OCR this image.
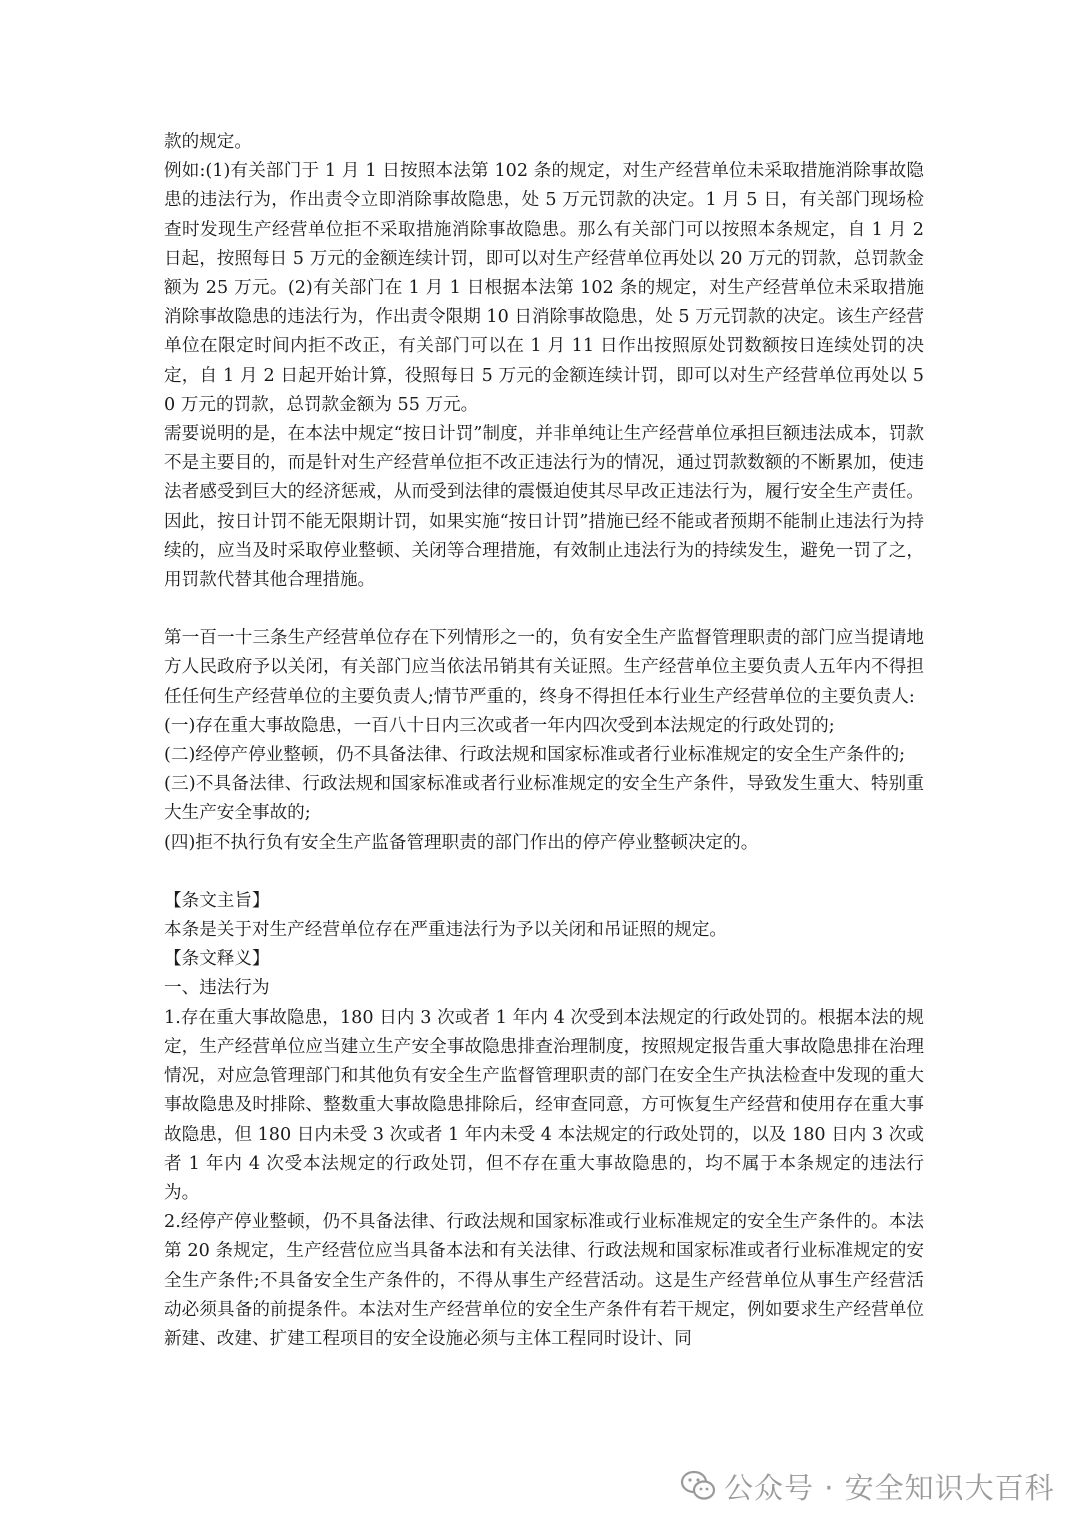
款的规定。

例如:(1)有关部门于 1 月 1 日按照本法第 102 条的规定，对生产经营单位未采取措施消除事故隐患的违法行为，作出责令立即消除事故隐患，处 5 万元罚款的决定。1 月 5 日，有关部门现场检查时发现生产经营单位拒不采取措施消除事故隐患。那么有关部门可以按照本条规定，自 1 月 2 日起，按照每日 5 万元的金额连续计罚，即可以对生产经营单位再处以 20 万元的罚款，总罚款金额为 25 万元。(2)有关部门在 1 月 1 日根据本法第 102 条的规定，对生产经营单位未采取措施消除事故隐患的违法行为，作出责令限期 10 日消除事故隐患，处 5 万元罚款的决定。该生产经营单位在限定时间内拒不改正，有关部门可以在 1 月 11 日作出按照原处罚数额按日连续处罚的决定，自 1 月 2 日起开始计算，役照每日 5 万元的金额连续计罚，即可以对生产经营单位再处以 50 万元的罚款，总罚款金额为 55 万元。

需要说明的是，在本法中规定“按日计罚”制度，并非单纯让生产经营单位承担巨额违法成本，罚款不是主要目的，而是针对生产经营单位拒不改正违法行为的情况，通过罚款数额的不断累加，使违法者感受到巨大的经济惩戒，从而受到法律的震慑迫使其尽早改正违法行为，履行安全生产责任。因此，按日计罚不能无限期计罚，如果实施“按日计罚”措施已经不能或者预期不能制止违法行为持续的，应当及时采取停业整顿、关闭等合理措施，有效制止违法行为的持续发生，避免一罚了之，用罚款代替其他合理措施。

第一百一十三条生产经营单位存在下列情形之一的，负有安全生产监督管理职责的部门应当提请地方人民政府予以关闭，有关部门应当依法吊销其有关证照。生产经营单位主要负责人五年内不得担任任何生产经营单位的主要负责人;情节严重的，终身不得担任本行业生产经营单位的主要负责人:

(一)存在重大事故隐患，一百八十日内三次或者一年内四次受到本法规定的行政处罚的;

(二)经停产停业整顿，仍不具备法律、行政法规和国家标准或者行业标准规定的安全生产条件的;

(三)不具备法律、行政法规和国家标准或者行业标准规定的安全生产条件，导致发生重大、特别重大生产安全事故的;

(四)拒不执行负有安全生产监备管理职责的部门作出的停产停业整顿决定的。

【条文主旨】

本条是关于对生产经营单位存在严重违法行为予以关闭和吊证照的规定。

【条文释义】

一、违法行为

1.存在重大事故隐患，180 日内 3 次或者 1 年内 4 次受到本法规定的行政处罚的。根据本法的规定，生产经营单位应当建立生产安全事故隐患排查治理制度，按照规定报告重大事故隐患排在治理情况，对应急管理部门和其他负有安全生产监督管理职责的部门在安全生产执法检查中发现的重大事故隐患及时排除、整数重大事故隐患排除后，经审查同意，方可恢复生产经营和使用存在重大事故隐患，但 180 日内未受 3 次或者 1 年内未受 4 本法规定的行政处罚的，以及 180 日内 3 次或者 1 年内 4 次受本法规定的行政处罚，但不存在重大事故隐患的，均不属于本条规定的违法行为。

2.经停产停业整顿，仍不具备法律、行政法规和国家标准或行业标准规定的安全生产条件的。本法第 20 条规定，生产经营位应当具备本法和有关法律、行政法规和国家标准或者行业标准规定的安全生产条件;不具备安全生产条件的，不得从事生产经营活动。这是生产经营单位从事生产经营活动必须具备的前提条件。本法对生产经营单位的安全生产条件有若干规定，例如要求生产经营单位新建、改建、扩建工程项目的安全设施必须与主体工程同时设计、同

公众号 · 安全知识大百科
